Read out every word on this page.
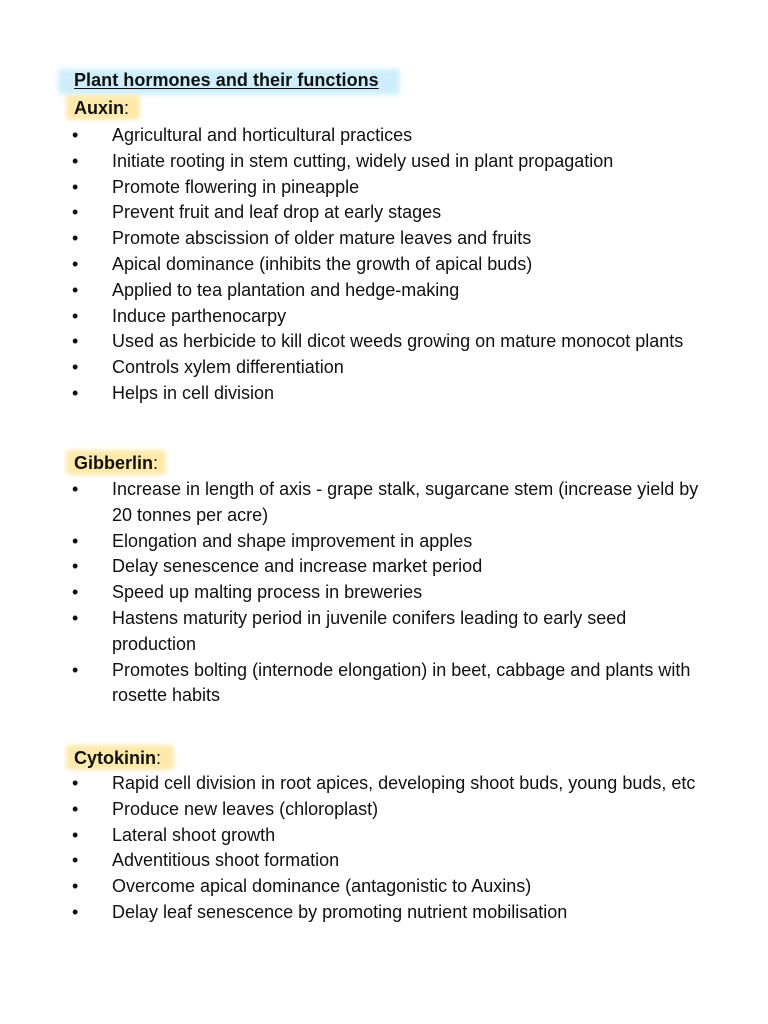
Plant hormones and their functions
Auxin:
•	Agricultural and horticultural practices
•	Initiate rooting in stem cutting, widely used in plant propagation
•	Promote flowering in pineapple
•	Prevent fruit and leaf drop at early stages
•	Promote abscission of older mature leaves and fruits
•	Apical dominance (inhibits the growth of apical buds)
•	Applied to tea plantation and hedge-making
•	Induce parthenocarpy
•	Used as herbicide to kill dicot weeds growing on mature monocot plants
•	Controls xylem differentiation
•	Helps in cell division
Gibberlin:
•	Increase in length of axis - grape stalk, sugarcane stem (increase yield by 20 tonnes per acre)
•	Elongation and shape improvement in apples
•	Delay senescence and increase market period
•	Speed up malting process in breweries
•	Hastens maturity period in juvenile conifers leading to early seed production
•	Promotes bolting (internode elongation) in beet, cabbage and plants with rosette habits
Cytokinin:
•	Rapid cell division in root apices, developing shoot buds, young buds, etc
•	Produce new leaves (chloroplast)
•	Lateral shoot growth
•	Adventitious shoot formation
•	Overcome apical dominance (antagonistic to Auxins)
•	Delay leaf senescence by promoting nutrient mobilisation
